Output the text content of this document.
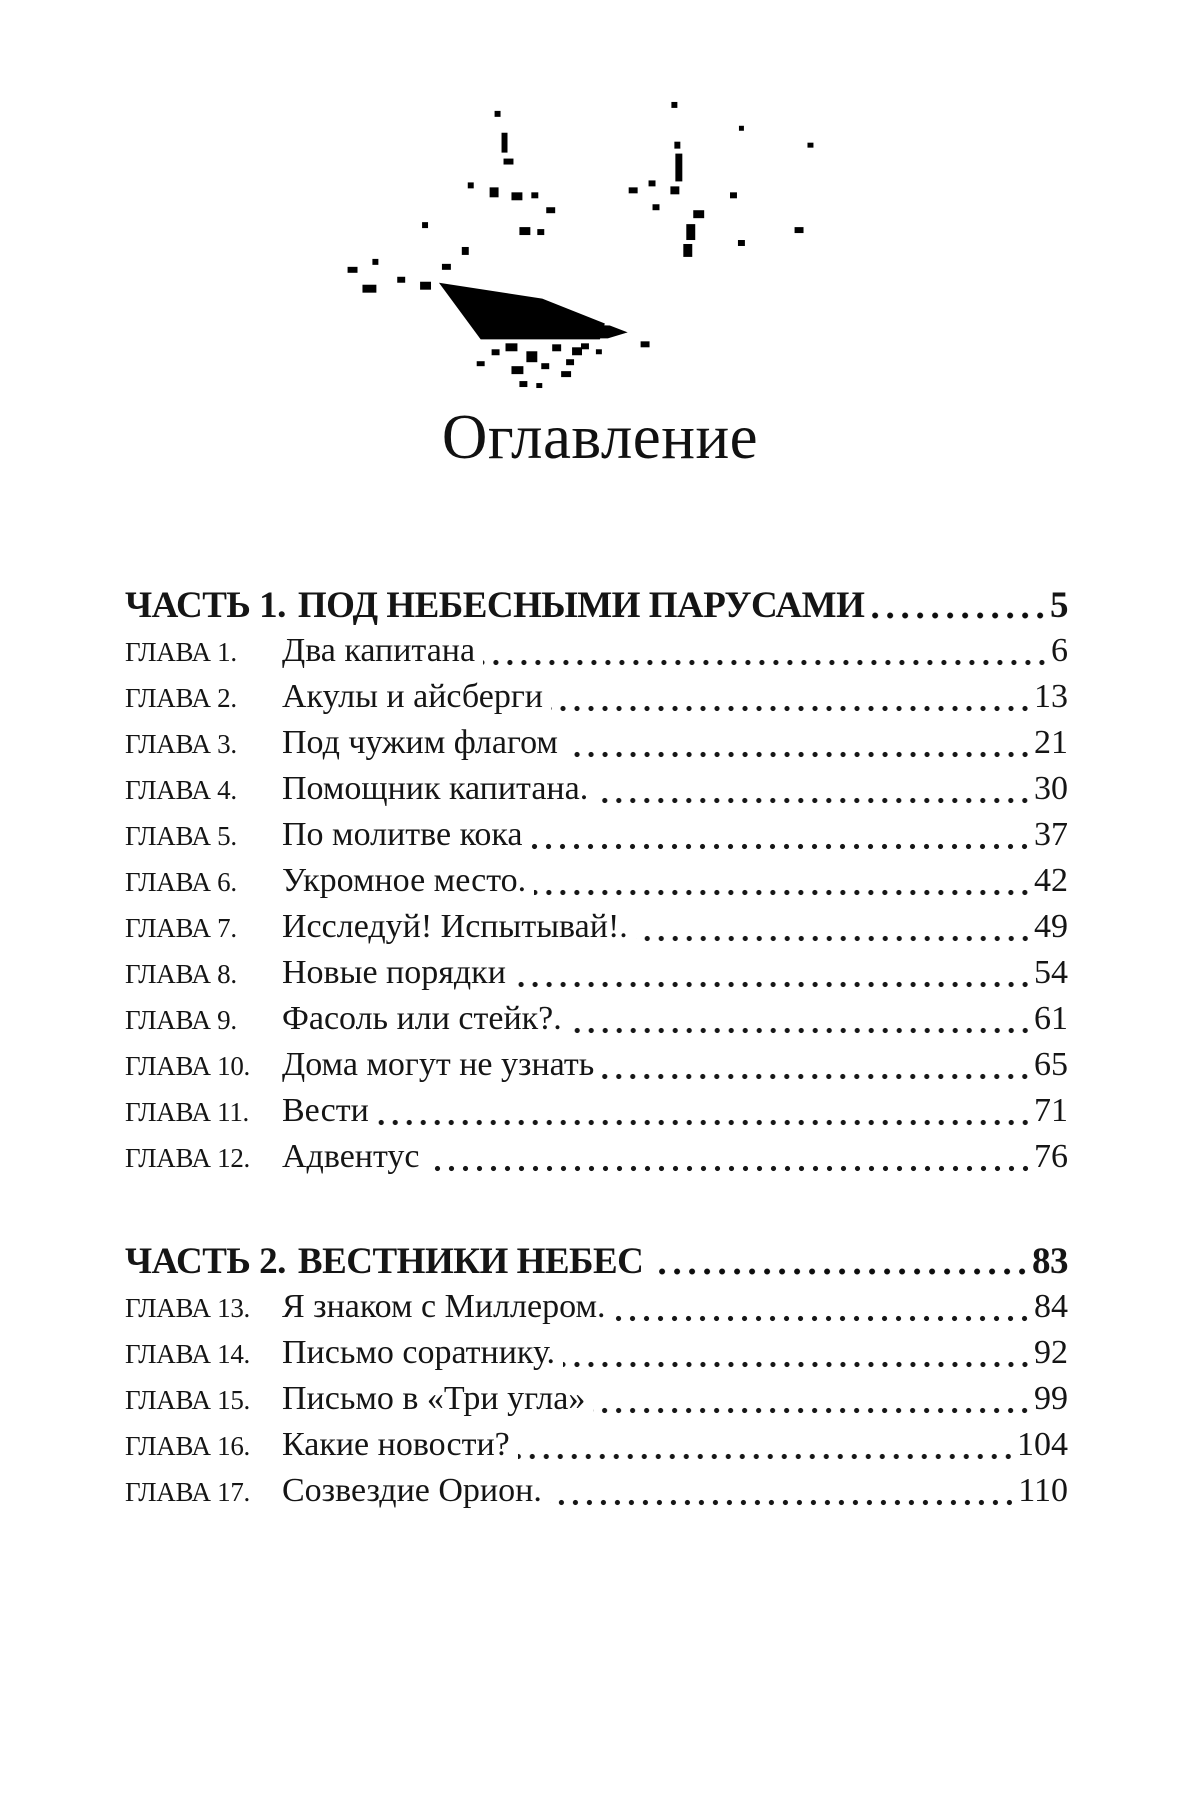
Оглавление
ЧАСТЬ 1. ПОД НЕБЕСНЫМИ ПАРУСАМИ	5
ГЛАВА 1.	Два капитана	6
ГЛАВА 2.	Акулы и айсберги	13
ГЛАВА 3.	Под чужим флагом	21
ГЛАВА 4.	Помощник капитана.	30
ГЛАВА 5.	По молитве кока	37
ГЛАВА 6.	Укромное место.	42
ГЛАВА 7.	Исследуй! Испытывай!.	49
ГЛАВА 8.	Новые порядки	54
ГЛАВА 9.	Фасоль или стейк?.	61
ГЛАВА 10. Дома могут не узнать	65
ГЛАВА 11. Вести	71
ГЛАВА 12. Адвентус	76
ЧАСТЬ 2. ВЕСТНИКИ НЕБЕС	83
ГЛАВА 13. Я знаком с Миллером.	84
ГЛАВА 14. Письмо соратнику.	92
ГЛАВА 15. Письмо в «Три угла»	99
ГЛАВА 16. Какие новости?	104
ГЛАВА 17. Созвездие Орион.	110
